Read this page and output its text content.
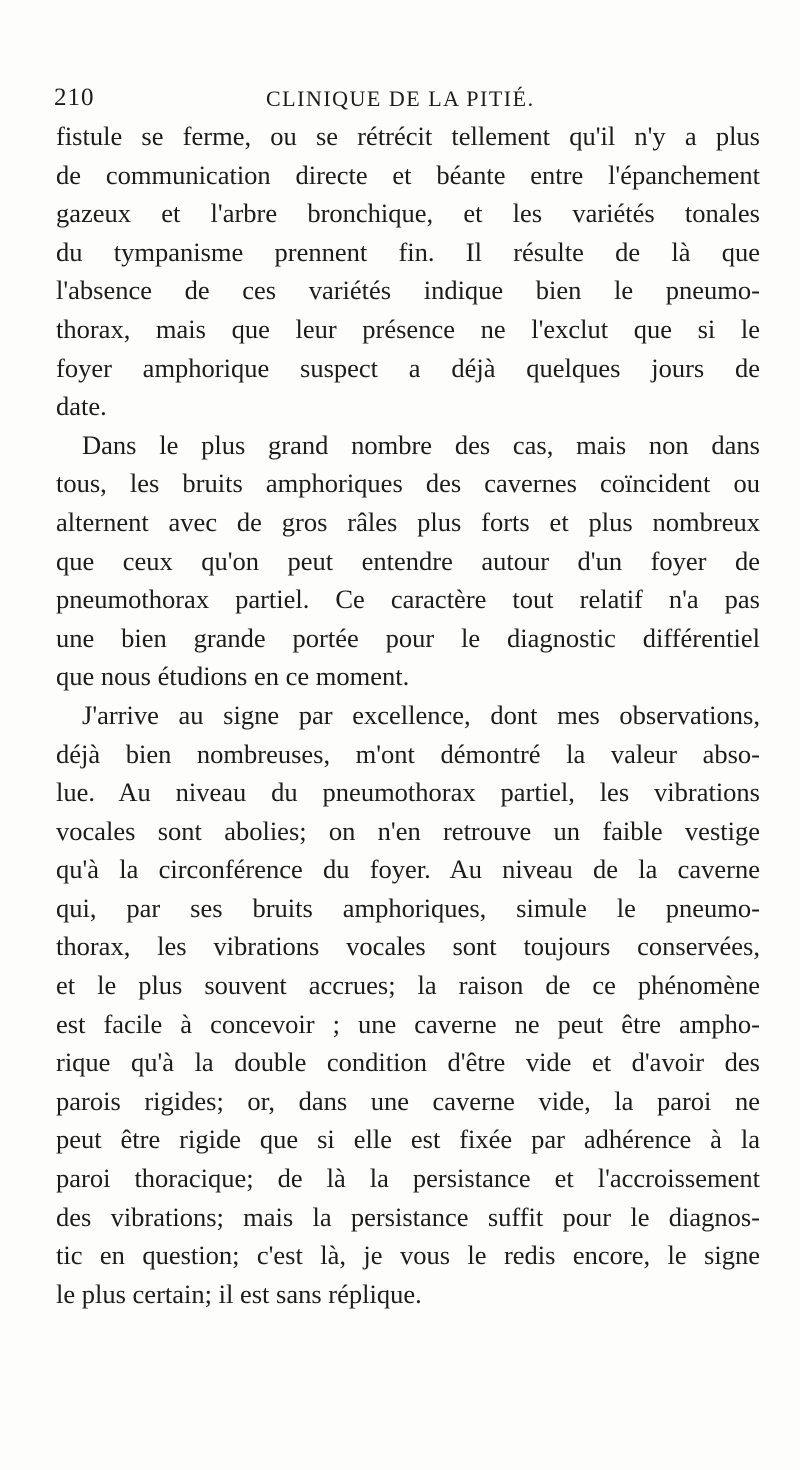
210	CLINIQUE DE LA PITIÉ.
fistule se ferme, ou se rétrécit tellement qu'il n'y a plus
de communication directe et béante entre l'épanchement
gazeux et l'arbre bronchique, et les variétés tonales
du tympanisme prennent fin. Il résulte de là que
l'absence de ces variétés indique bien le pneumo-
thorax, mais que leur présence ne l'exclut que si le
foyer amphorique suspect a déjà quelques jours de
date.
Dans le plus grand nombre des cas, mais non dans
tous, les bruits amphoriques des cavernes coïncident ou
alternent avec de gros râles plus forts et plus nombreux
que ceux qu'on peut entendre autour d'un foyer de
pneumothorax partiel. Ce caractère tout relatif n'a pas
une bien grande portée pour le diagnostic différentiel
que nous étudions en ce moment.
J'arrive au signe par excellence, dont mes observations,
déjà bien nombreuses, m'ont démontré la valeur abso-
lue. Au niveau du pneumothorax partiel, les vibrations
vocales sont abolies; on n'en retrouve un faible vestige
qu'à la circonférence du foyer. Au niveau de la caverne
qui, par ses bruits amphoriques, simule le pneumo-
thorax, les vibrations vocales sont toujours conservées,
et le plus souvent accrues; la raison de ce phénomène
est facile à concevoir ; une caverne ne peut être ampho-
rique qu'à la double condition d'être vide et d'avoir des
parois rigides; or, dans une caverne vide, la paroi ne
peut être rigide que si elle est fixée par adhérence à la
paroi thoracique; de là la persistance et l'accroissement
des vibrations; mais la persistance suffit pour le diagnos-
tic en question; c'est là, je vous le redis encore, le signe
le plus certain; il est sans réplique.
